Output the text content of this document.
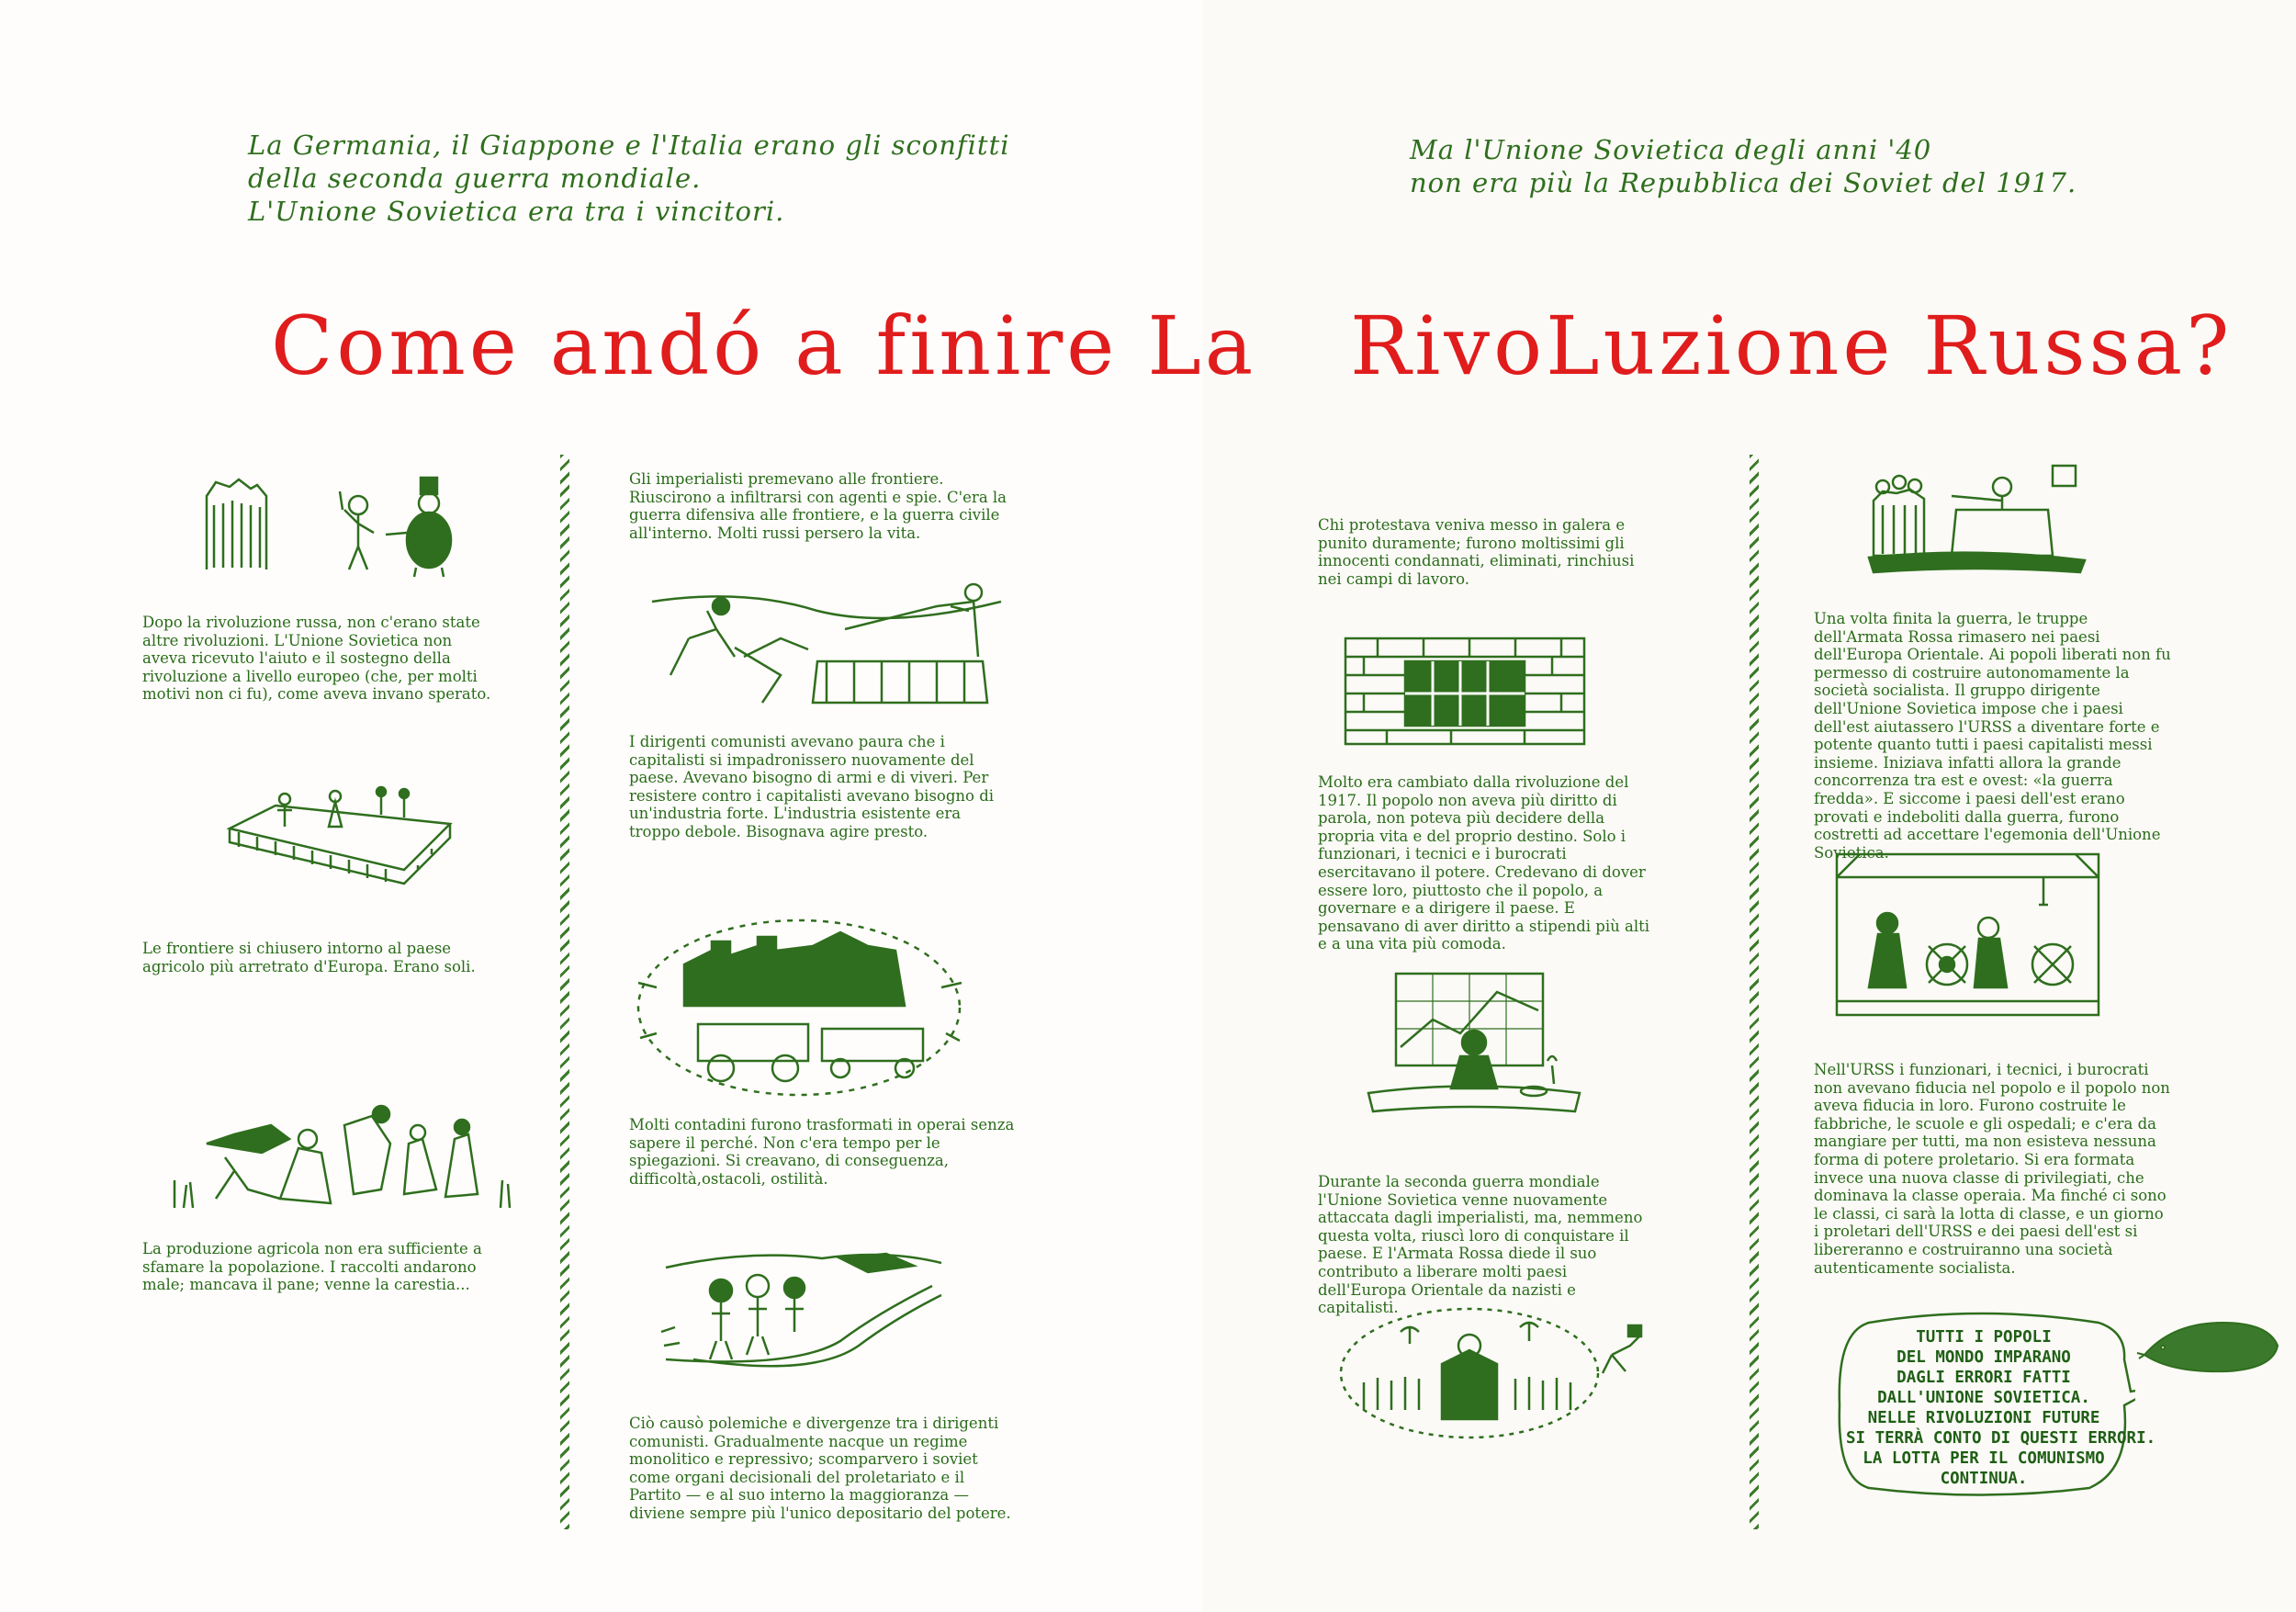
La Germania, il Giappone e l'Italia erano gli sconfitti
della seconda guerra mondiale.
L'Unione Sovietica era tra i vincitori.
Ma l'Unione Sovietica degli anni '40
non era più la Repubblica dei Soviet del 1917.
Come andó a finire La RivoLuzione Russa?

Dopo la rivoluzione russa, non c'erano state altre rivoluzioni. L'Unione Sovietica non aveva ricevuto l'aiuto e il sostegno della rivoluzione a livello europeo (che, per molti motivi non ci fu), come aveva invano sperato.

Le frontiere si chiusero intorno al paese agricolo più arretrato d'Europa. Erano soli.

La produzione agricola non era sufficiente a sfamare la popolazione. I raccolti andarono male; mancava il pane; venne la carestia...

Gli imperialisti premevano alle frontiere. Riuscirono a infiltrarsi con agenti e spie. C'era la guerra difensiva alle frontiere, e la guerra civile all'interno. Molti russi persero la vita.

I dirigenti comunisti avevano paura che i capitalisti si impadronissero nuovamente del paese. Avevano bisogno di armi e di viveri. Per resistere contro i capitalisti avevano bisogno di un'industria forte. L'industria esistente era troppo debole. Bisognava agire presto.

Molti contadini furono trasformati in operai senza sapere il perché. Non c'era tempo per le spiegazioni. Si creavano, di conseguenza, difficoltà,ostacoli, ostilità.

Ciò causò polemiche e divergenze tra i dirigenti comunisti. Gradualmente nacque un regime monolitico e repressivo; scomparvero i soviet come organi decisionali del proletariato e il Partito — e al suo interno la maggioranza — diviene sempre più l'unico depositario del potere.

Chi protestava veniva messo in galera e punito duramente; furono moltissimi gli innocenti condannati, eliminati, rinchiusi nei campi di lavoro.

Molto era cambiato dalla rivoluzione del 1917. Il popolo non aveva più diritto di parola, non poteva più decidere della propria vita e del proprio destino. Solo i funzionari, i tecnici e i burocrati esercitavano il potere. Credevano di dover essere loro, piuttosto che il popolo, a governare e a dirigere il paese. E pensavano di aver diritto a stipendi più alti e a una vita più comoda.

Durante la seconda guerra mondiale l'Unione Sovietica venne nuovamente attaccata dagli imperialisti, ma, nemmeno questa volta, riuscì loro di conquistare il paese. E l'Armata Rossa diede il suo contributo a liberare molti paesi dell'Europa Orientale da nazisti e capitalisti.

Una volta finita la guerra, le truppe dell'Armata Rossa rimasero nei paesi dell'Europa Orientale. Ai popoli liberati non fu permesso di costruire autonomamente la società socialista. Il gruppo dirigente dell'Unione Sovietica impose che i paesi dell'est aiutassero l'URSS a diventare forte e potente quanto tutti i paesi capitalisti messi insieme. Iniziava infatti allora la grande concorrenza tra est e ovest: «la guerra fredda». E siccome i paesi dell'est erano provati e indeboliti dalla guerra, furono costretti ad accettare l'egemonia dell'Unione Sovietica.

Nell'URSS i funzionari, i tecnici, i burocrati non avevano fiducia nel popolo e il popolo non aveva fiducia in loro. Furono costruite le fabbriche, le scuole e gli ospedali; e c'era da mangiare per tutti, ma non esisteva nessuna forma di potere proletario. Si era formata invece una nuova classe di privilegiati, che dominava la classe operaia. Ma finché ci sono le classi, ci sarà la lotta di classe, e un giorno i proletari dell'URSS e dei paesi dell'est si libereranno e costruiranno una società autenticamente socialista.

TUTTI I POPOLI
DEL MONDO IMPARANO
DAGLI ERRORI FATTI
DALL'UNIONE SOVIETICA.
NELLE RIVOLUZIONI FUTURE
SI TERRÀ CONTO DI QUESTI ERRORI.
LA LOTTA PER IL COMUNISMO
CONTINUA.
